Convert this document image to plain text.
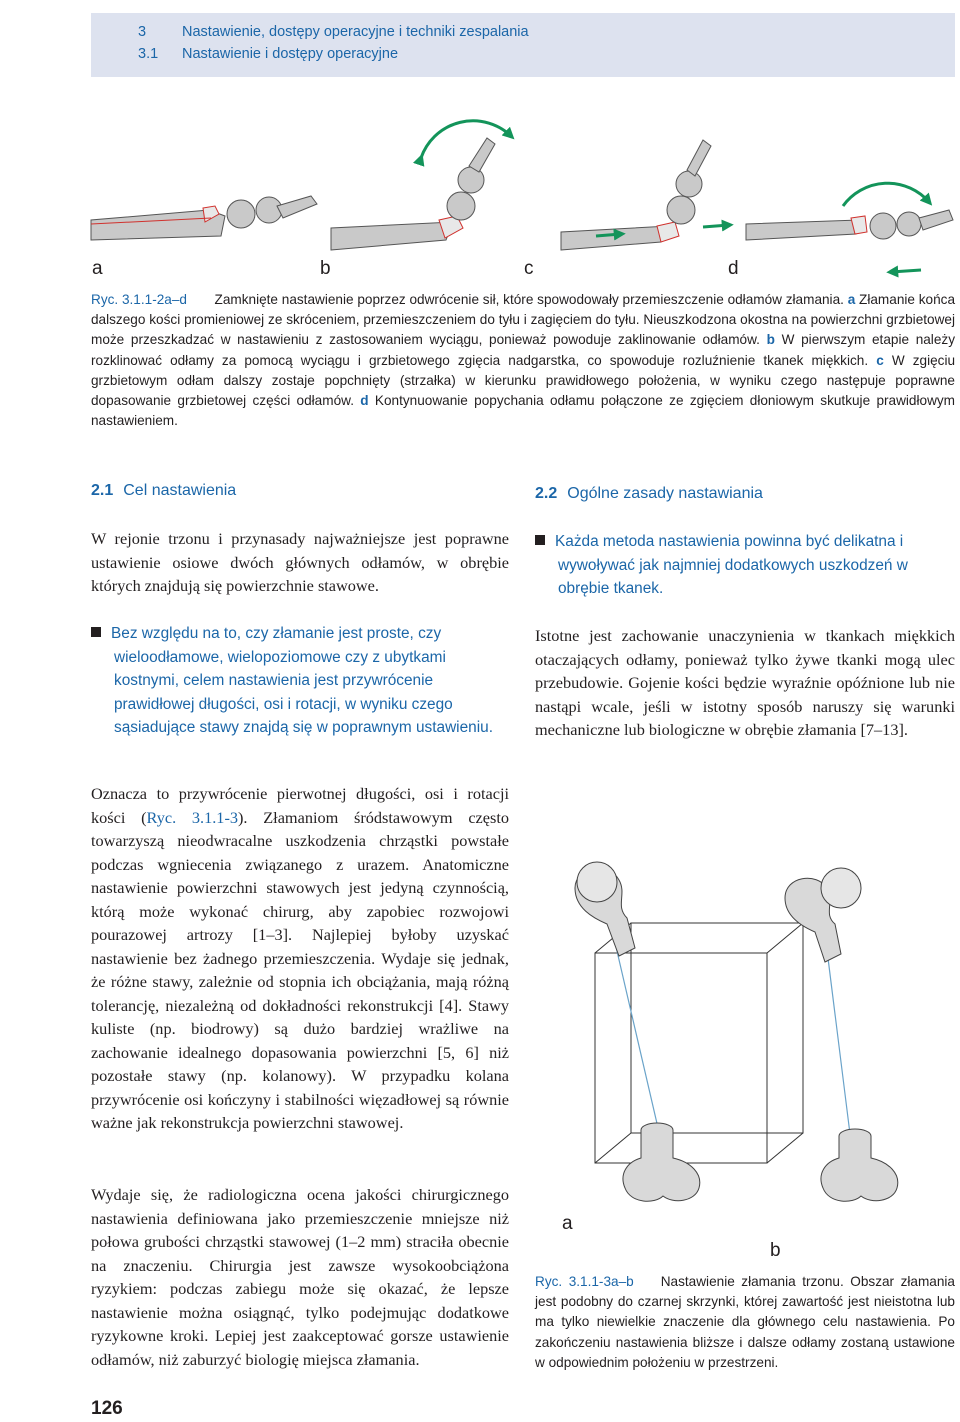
3 Nastawienie, dostępy operacyjne i techniki zespalania
3.1 Nastawienie i dostępy operacyjne
a	b	c	d
Ryc. 3.1.1-2a–d Zamknięte nastawienie poprzez odwrócenie sił, które spowodowały przemieszczenie odłamów złamania. a Złamanie końca dalszego kości promieniowej ze skróceniem, przemieszczeniem do tyłu i zagięciem do tyłu. Nieuszkodzona okostna na powierzchni grzbietowej może przeszkadzać w nastawieniu z zastosowaniem wyciągu, ponieważ powoduje zaklinowanie odłamów. b W pierwszym etapie należy rozklinować odłamy za pomocą wyciągu i grzbietowego zgięcia nadgarstka, co spowoduje rozluźnienie tkanek miękkich. c W zgięciu grzbietowym odłam dalszy zostaje popchnięty (strzałka) w kierunku prawidłowego położenia, w wyniku czego następuje poprawne dopasowanie grzbietowej części odłamów. d Kontynuowanie popychania odłamu połączone ze zgięciem dłoniowym skutkuje prawidłowym nastawieniem.
2.1 Cel nastawienia
W rejonie trzonu i przynasady najważniejsze jest poprawne ustawienie osiowe dwóch głównych odłamów, w obrębie których znajdują się powierzchnie stawowe.
Bez względu na to, czy złamanie jest proste, czy wieloodłamowe, wielopoziomowe czy z ubytkami kostnymi, celem nastawienia jest przywrócenie prawidłowej długości, osi i rotacji, w wyniku czego sąsiadujące stawy znajdą się w poprawnym ustawieniu.
Oznacza to przywrócenie pierwotnej długości, osi i rotacji kości (Ryc. 3.1.1-3). Złamaniom śródstawowym często towarzyszą nieodwracalne uszkodzenia chrząstki powstałe podczas wgniecenia związanego z urazem. Anatomiczne nastawienie powierzchni stawowych jest jedyną czynnością, którą może wykonać chirurg, aby zapobiec rozwojowi pourazowej artrozy [1–3]. Najlepiej byłoby uzyskać nastawienie bez żadnego przemieszczenia. Wydaje się jednak, że różne stawy, zależnie od stopnia ich obciążania, mają różną tolerancję, niezależną od dokładności rekonstrukcji [4]. Stawy kuliste (np. biodrowy) są dużo bardziej wrażliwe na zachowanie idealnego dopasowania powierzchni [5, 6] niż pozostałe stawy (np. kolanowy). W przypadku kolana przywrócenie osi kończyny i stabilności więzadłowej są równie ważne jak rekonstrukcja powierzchni stawowej.
Wydaje się, że radiologiczna ocena jakości chirurgicznego nastawienia definiowana jako przemieszczenie mniejsze niż połowa grubości chrząstki stawowej (1–2 mm) straciła obecnie na znaczeniu. Chirurgia jest zawsze wysokoobciążona ryzykiem: podczas zabiegu może się okazać, że lepsze nastawienie można osiągnąć, tylko podejmując dodatkowe ryzykowne kroki. Lepiej jest zaakceptować gorsze ustawienie odłamów, niż zaburzyć biologię miejsca złamania.
2.2 Ogólne zasady nastawiania
Każda metoda nastawienia powinna być delikatna i wywoływać jak najmniej dodatkowych uszkodzeń w obrębie tkanek.
Istotne jest zachowanie unaczynienia w tkankach miękkich otaczających odłamy, ponieważ tylko żywe tkanki mogą ulec przebudowie. Gojenie kości będzie wyraźnie opóźnione lub nie nastąpi wcale, jeśli w istotny sposób naruszy się warunki mechaniczne lub biologiczne w obrębie złamania [7–13].
a
b
Ryc. 3.1.1-3a–b Nastawienie złamania trzonu. Obszar złamania jest podobny do czarnej skrzynki, której zawartość jest nieistotna lub ma tylko niewielkie znaczenie dla głównego celu nastawienia. Po zakończeniu nastawienia bliższe i dalsze odłamy zostaną ustawione w odpowiednim położeniu w przestrzeni.
126
